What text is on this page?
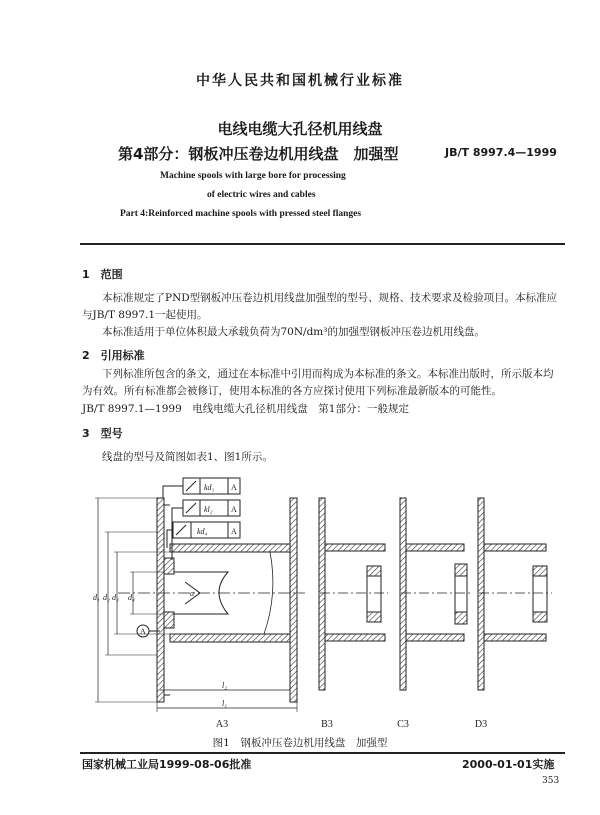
中华人民共和国机械行业标准
电线电缆大孔径机用线盘
第4部分：钢板冲压卷边机用线盘　加强型	JB/T 8997.4—1999
Machine spools with large bore for processing
of electric wires and cables
Part 4:Reinforced machine spools with pressed steel flanges
1　范围
本标准规定了PND型钢板冲压卷边机用线盘加强型的型号、规格、技术要求及检验项目。本标准应
与JB/T 8997.1一起使用。
本标准适用于单位体积最大承载负荷为70N/dm³的加强型钢板冲压卷边机用线盘。
2　引用标准
下列标准所包含的条文，通过在本标准中引用而构成为本标准的条文。本标准出版时，所示版本均
为有效。所有标准都会被修订，使用本标准的各方应探讨使用下列标准最新版本的可能性。
JB/T 8997.1—1999　电线电缆大孔径机用线盘　第1部分：一般规定
3　型号
线盘的型号及简图如表1、图1所示。
kd₁ A
kl₂ A
kd₄	A
A
d₁ d₂ d₃ d₄	α
l₂
l₁
A3	B3	C3	D3
图1　钢板冲压卷边机用线盘　加强型
国家机械工业局1999-08-06批准	2000-01-01实施
353
